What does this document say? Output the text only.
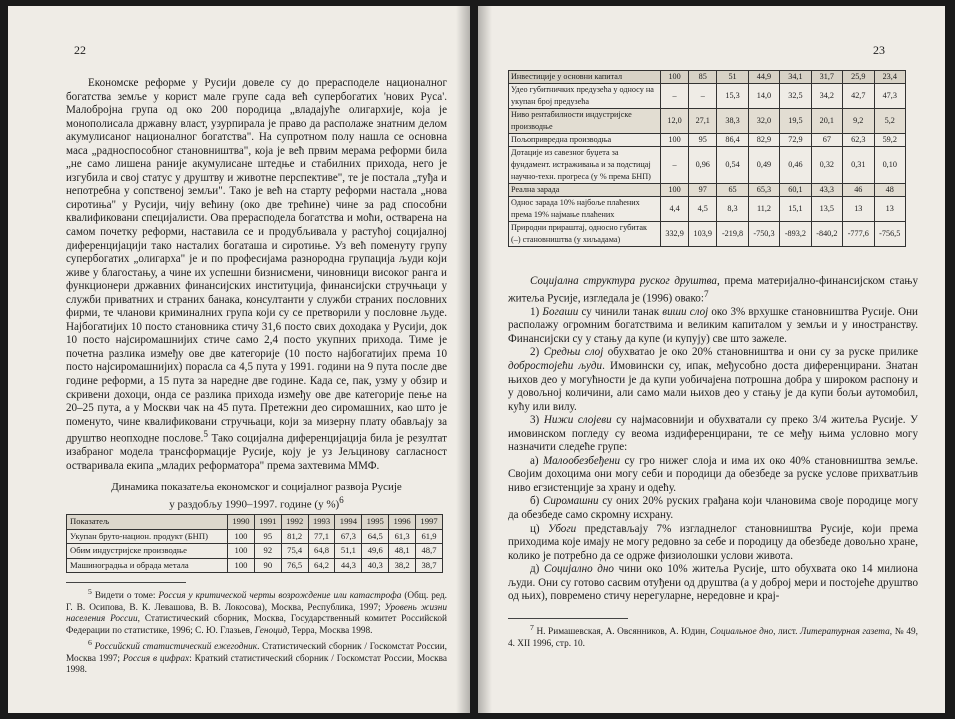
22

Економске реформе у Русији довеле су до прерасподеле националног богатства земље у корист мале групе сада већ супербогатих 'нових Руса'. Малобројна група од око 200 породица „владајуће олигархије, која је монополисала државну власт, узурпирала је право да располаже знатним делом акумулисаног националног богатства". На супротном полу нашла се основна маса „радноспособног становништва", која је већ првим мерама реформи била „не само лишена раније акумулисане штедње и стабилних прихода, него је изгубила и свој статус у друштву и животне перспективе", те је постала „туђа и непотребна у сопственој земљи". Тако је већ на старту реформи настала „нова сиротиња" у Русији, чију већину (око две трећине) чине за рад способни квалификовани специјалисти. Ова прерасподела богатства и моћи, остварена на самом почетку реформи, наставила се и продубљивала у растућој социјалној диференцијацији тако насталих богаташа и сиротиње. Уз већ поменуту групу супербогатих „олигарха" је и по професијама разнородна групација људи који живе у благостању, а чине их успешни бизнисмени, чиновници високог ранга и функционери државних финансијских институција, финансијски стручњаци у служби приватних и страних банака, консултанти у служби страних пословних фирми, те чланови криминалних група који су се претворили у пословне људе. Најбогатијих 10 посто становника стичу 31,6 посто свих доходака у Русији, док 10 посто најсиромашнијих стиче само 2,4 посто укупних прихода. Тиме је почетна разлика између ове две категорије (10 посто најбогатијих према 10 посто најсиромашнијих) порасла са 4,5 пута у 1991. години на 9 пута после две године реформи, а 15 пута за наредне две године. Када се, пак, узму у обзир и скривени дохоци, онда се разлика прихода између ове две категорије пење на 20–25 пута, а у Москви чак на 45 пута. Претежни део сиромашних, као што је поменуто, чине квалификовани стручњаци, који за мизерну плату обављају за друштво неопходне послове.$^5$ Тако социјална диференцијација била је резултат изабраног модела трансформације Русије, коју је уз Јељцинову сагласност остваривала екипа „младих реформатора" према захтевима ММФ.

Динамика показатеља економског и социјалног развоја Русије
у раздобљу 1990–1997. године (у %)$^6$
Показатељ	1990	1991	1992	1993	1994	1995	1996	1997
Укупан бруто-национ. продукт (БНП)	100	95	81,2	77,1	67,3	64,5	61,3	61,9
Обим индустријске производње	100	92	75,4	64,8	51,1	49,6	48,1	48,7
Машиноградња и обрада метала	100	90	76,5	64,2	44,3	40,3	38,2	38,7

$^5$ Видети о томе: Россия у критической черты возрождение или катастрофа (Общ. ред. Г. В. Осипова, В. К. Левашова, В. В. Локосова), Москва, Республика, 1997; Уровень жизни населения России, Статистический сборник, Москва, Государственный комитет Российской Федерации по статистике, 1996; С. Ю. Глазьев, Геноцид, Терра, Москва 1998.

$^6$ Российский статистический ежегодник. Статистический сборник / Госкомстат России, Москва 1997; Россия в цифрах: Краткий статистический сборник / Госкомстат России, Москва 1998.

23
Инвестиције у основни капитал	100	85	51	44,9	34,1	31,7	25,9	23,4
Удео губитничких предузећа у односу на укупан број предузећа	–	–	15,3	14,0	32,5	34,2	42,7	47,3
Ниво рентабилности индустријске производње	12,0	27,1	38,3	32,0	19,5	20,1	9,2	5,2
Пољопривредна производња	100	95	86,4	82,9	72,9	67	62,3	59,2
Дотације из савезног буџета за фундамент. истраживања и за подстицај научно-техн. прогреса (у % према БНП)	–	0,96	0,54	0,49	0,46	0,32	0,31	0,10
Реална зарада	100	97	65	65,3	60,1	43,3	46	48
Однос зарада 10% најбоље плаћених према 19% најмање плаћених	4,4	4,5	8,3	11,2	15,1	13,5	13	13
Природни прираштај, односно губитак (–) становништва (у хиљадама)	332,9	103,9	-219,8	-750,3	-893,2	-840,2	-777,6	-756,5

Социјална структура руског друштва, према материјално-финансијском стању житеља Русије, изгледала је (1996) овако:$^7$

1) Богаши су чинили танак виши слој око 3% врхушке становништва Русије. Они располажу огромним богатствима и великим капиталом у земљи и у иностранству. Финансијски су у стању да купе (и купују) све што зажеле.

2) Средњи слој обухватао је око 20% становништва и они су за руске прилике добростојећи људи. Имовински су, ипак, међусобно доста диференцирани. Знатан њихов део у могућности је да купи уобичајена потрошна добра у широком распону и у довољној количини, али само мали њихов део у стању је да купи бољи аутомобил, кућу или вилу.

3) Нижи слојеви су најмасовнији и обухватали су преко 3/4 житеља Русије. У имовинском погледу су веома издиференцирани, те се међу њима условно могу назначити следеће групе:

а) Малообезбеђени су гро нижег слоја и има их око 40% становништва земље. Својим дохоцима они могу себи и породици да обезбеде за руске услове прихватљив ниво егзистенције за храну и одећу.

б) Сиромашни су оних 20% руских грађана који члановима своје породице могу да обезбеде само скромну исхрану.

ц) Убоги представљају 7% изгладнелог становништва Русије, који према приходима које имају не могу редовно за себе и породицу да обезбеде довољно хране, колико је потребно да се одрже физиолошки услови живота.

д) Социјално дно чини око 10% житеља Русије, што обухвата око 14 милиона људи. Они су готово сасвим отуђени од друштва (а у доброј мери и постојеће друштво од њих), повремено стичу нерегуларне, нередовне и крај-

$^7$ Н. Римашевская, А. Овсянников, А. Юдин, Социальное дно, лист. Литературная газета, № 49, 4. XII 1996, стр. 10.
